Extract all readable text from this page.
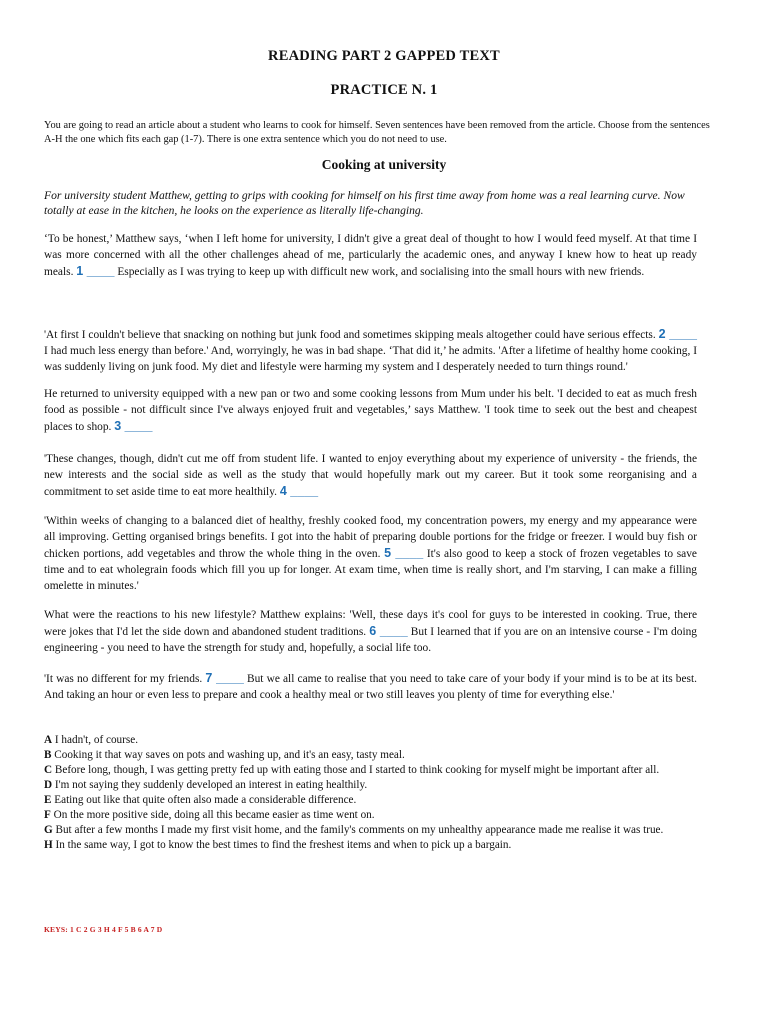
READING PART 2 GAPPED TEXT
PRACTICE N. 1
You are going to read an article about a student who learns to cook for himself. Seven sentences have been removed from the article. Choose from the sentences A-H the one which fits each gap (1-7). There is one extra sentence which you do not need to use.
Cooking at university
For university student Matthew, getting to grips with cooking for himself on his first time away from home was a real learning curve. Now totally at ease in the kitchen, he looks on the experience as literally life-changing.
‘To be honest,’ Matthew says, ‘when I left home for university, I didn't give a great deal of thought to how I would feed myself. At that time I was more concerned with all the other challenges ahead of me, particularly the academic ones, and anyway I knew how to heat up ready meals. 1 ____ Especially as I was trying to keep up with difficult new work, and socialising into the small hours with new friends.
'At first I couldn't believe that snacking on nothing but junk food and sometimes skipping meals altogether could have serious effects. 2 ____ I had much less energy than before.' And, worryingly, he was in bad shape. ‘That did it,’ he admits. 'After a lifetime of healthy home cooking, I was suddenly living on junk food. My diet and lifestyle were harming my system and I desperately needed to turn things round.'
He returned to university equipped with a new pan or two and some cooking lessons from Mum under his belt. 'I decided to eat as much fresh food as possible - not difficult since I've always enjoyed fruit and vegetables,’ says Matthew. 'I took time to seek out the best and cheapest places to shop. 3 ____
'These changes, though, didn't cut me off from student life. I wanted to enjoy everything about my experience of university - the friends, the new interests and the social side as well as the study that would hopefully mark out my career. But it took some reorganising and a commitment to set aside time to eat more healthily. 4 ____
'Within weeks of changing to a balanced diet of healthy, freshly cooked food, my concentration powers, my energy and my appearance were all improving. Getting organised brings benefits. I got into the habit of preparing double portions for the fridge or freezer. I would buy fish or chicken portions, add vegetables and throw the whole thing in the oven. 5 ____ It's also good to keep a stock of frozen vegetables to save time and to eat wholegrain foods which fill you up for longer. At exam time, when time is really short, and I'm starving, I can make a filling omelette in minutes.'
What were the reactions to his new lifestyle? Matthew explains: 'Well, these days it's cool for guys to be interested in cooking. True, there were jokes that I'd let the side down and abandoned student traditions. 6 ____ But I learned that if you are on an intensive course - I'm doing engineering - you need to have the strength for study and, hopefully, a social life too.
'It was no different for my friends. 7 ____ But we all came to realise that you need to take care of your body if your mind is to be at its best. And taking an hour or even less to prepare and cook a healthy meal or two still leaves you plenty of time for everything else.'
A I hadn't, of course.
B Cooking it that way saves on pots and washing up, and it's an easy, tasty meal.
C Before long, though, I was getting pretty fed up with eating those and I started to think cooking for myself might be important after all.
D I'm not saying they suddenly developed an interest in eating healthily.
E Eating out like that quite often also made a considerable difference.
F On the more positive side, doing all this became easier as time went on.
G But after a few months I made my first visit home, and the family's comments on my unhealthy appearance made me realise it was true.
H In the same way, I got to know the best times to find the freshest items and when to pick up a bargain.
KEYS: 1 C 2 G 3 H 4 F 5 B 6 A 7 D
